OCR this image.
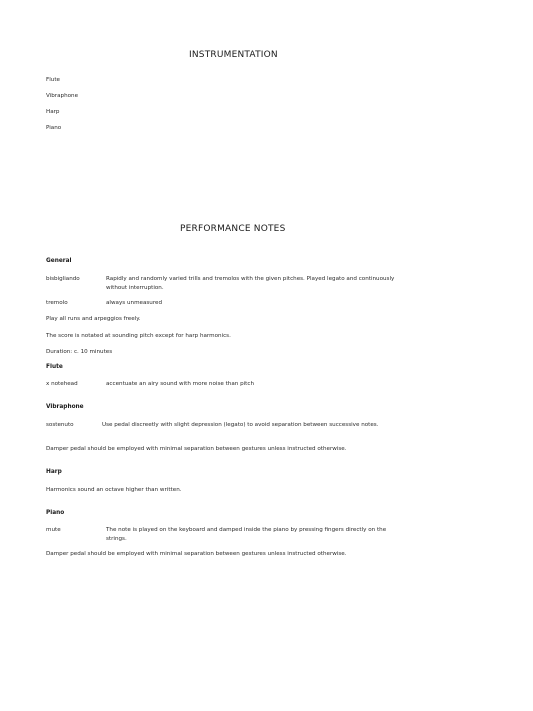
INSTRUMENTATION
Flute
Vibraphone
Harp
Piano
PERFORMANCE NOTES
General
bisbigliando	Rapidly and randomly varied trills and tremolos with the given pitches. Played legato and continuously without interruption.
tremolo	always unmeasured
Play all runs and arpeggios freely.
The score is notated at sounding pitch except for harp harmonics.
Duration: c. 10 minutes
Flute
x notehead	accentuate an airy sound with more noise than pitch
Vibraphone
sostenuto	Use pedal discreetly with slight depression (legato) to avoid separation between successive notes.
Damper pedal should be employed with minimal separation between gestures unless instructed otherwise.
Harp
Harmonics sound an octave higher than written.
Piano
mute	The note is played on the keyboard and damped inside the piano by pressing fingers directly on the strings.
Damper pedal should be employed with minimal separation between gestures unless instructed otherwise.
